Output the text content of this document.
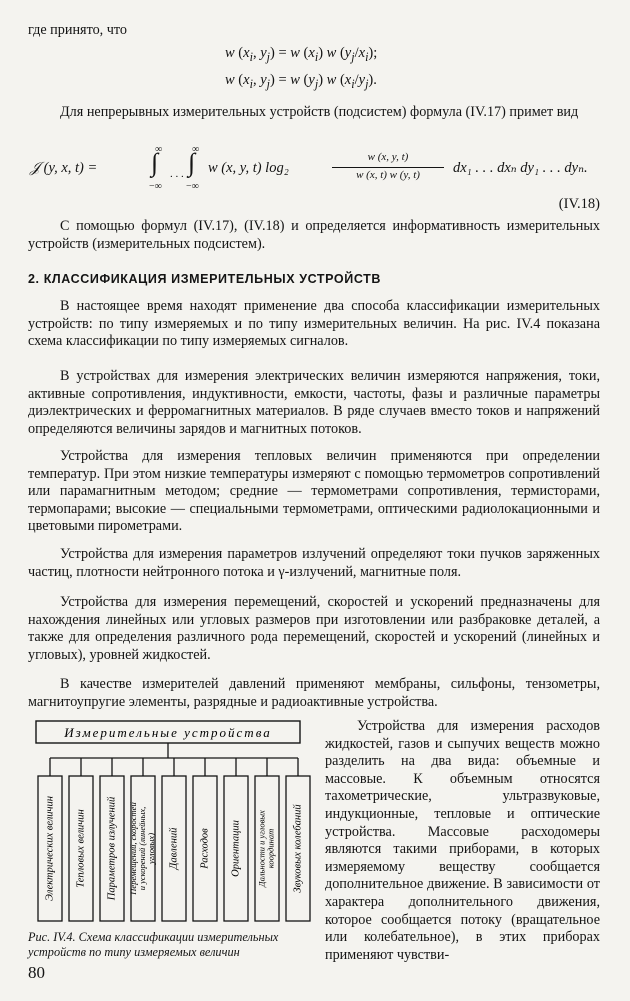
где принято, что

w ($x_i$, $y_j) = w$ $(x_i)$ w $(y_j/x_i)$;
w ($x_i$, $y_j) = w$ $(y_j)$ w $(x_i/y_j)$.

Для непрерывных измерительных устройств (подсистем) формула (IV.17) примет вид

𝒥 (y, x, t) = ∫
∞
−∞
. . . ∫
∞
−∞
w (x, y, t) log₂
w (x, y, t)
w (x, t) w (y, t)	dx₁ . . . dxₙ dy₁ . . . dyₙ.
(IV.18)

С помощью формул (IV.17), (IV.18) и определяется информативность измерительных устройств (измерительных подсистем).

2. КЛАССИФИКАЦИЯ ИЗМЕРИТЕЛЬНЫХ УСТРОЙСТВ

В настоящее время находят применение два способа классификации измерительных устройств: по типу измеряемых и по типу измерительных величин. На рис. IV.4 показана схема классификации по типу измеряемых сигналов.

В устройствах для измерения электрических величин измеряются напряжения, токи, активные сопротивления, индуктивности, емкости, частоты, фазы и различные параметры диэлектрических и ферромагнитных материалов. В ряде случаев вместо токов и напряжений определяются величины зарядов и магнитных потоков.

Устройства для измерения тепловых величин применяются при определении температур. При этом низкие температуры измеряют с помощью термометров сопротивлений или парамагнитным методом; средние — термометрами сопротивления, термисторами, термопарами; высокие — специальными термометрами, оптическими радиолокационными и цветовыми пирометрами.

Устройства для измерения параметров излучений определяют токи пучков заряженных частиц, плотности нейтронного потока и γ-излучений, магнитные поля.

Устройства для измерения перемещений, скоростей и ускорений предназначены для нахождения линейных или угловых размеров при изготовлении или разбраковке деталей, а также для определения различного рода перемещений, скоростей и ускорений (линейных и угловых), уровней жидкостей.

В качестве измерителей давлений применяют мембраны, сильфоны, тензометры, магнитоупругие элементы, разрядные и радиоактивные устройства.

Устройства для измерения расходов жидкостей, газов и сыпучих веществ можно разделить на два вида: объемные и массовые. К объемным относятся тахометрические, ультразвуковые, индукционные, тепловые и оптические устройства. Массовые расходомеры являются такими приборами, в которых измеряемому веществу сообщается дополнительное движение. В зависимости от характера дополнительного движения, которое сообщается потоку (вращательное или колебательное), в этих приборах применяют чувстви-

Измерительные устройства
Электрических величин Тепловых величин Параметров излучений Перемещений, скоростей и ускорений (линейных, угловых) Давлений Расходов Ориентации Дальности и угловых координат Звуковых колебаний
Рис. IV.4. Схема классификации измерительных устройств по типу измеряемых величин
80
